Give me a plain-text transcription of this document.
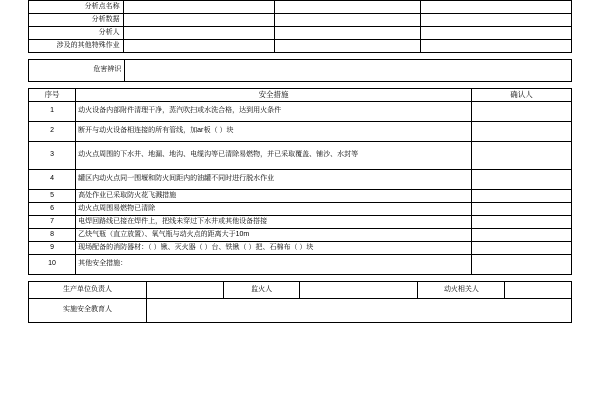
分析点名称			
分析数据			
分析人			
涉及的其他特殊作业			
危害辨识	
序号	安全措施	确认人
1	动火设备内部附件清理干净，蒸汽吹扫或水洗合格，达到用火条件	
2	断开与动火设备相连接的所有管线，加аг板（ ）块	
3	动火点周围的下水井、地漏、地沟、电缆沟等已清除易燃物，并已采取覆盖、铺沙、水封等	
4	罐区内动火点同一围堰和防火间距内的油罐不同时进行脱水作业	
5	高处作业已采取防火花飞溅措施	
6	动火点周围易燃物已清除	
7	电焊回路线已接在焊件上，把线未穿过下水井或其他设备搭接	
8	乙炔气瓶（直立放置）、氧气瓶与动火点的距离大于10m	
9	现场配备的消防器材：（ ）锹、灭火器（ ）台、铁锹（ ）把、石棉布（ ）块	
10	其他安全措施：	
生产单位负责人		监火人		动火相关人	
实施安全教育人					
